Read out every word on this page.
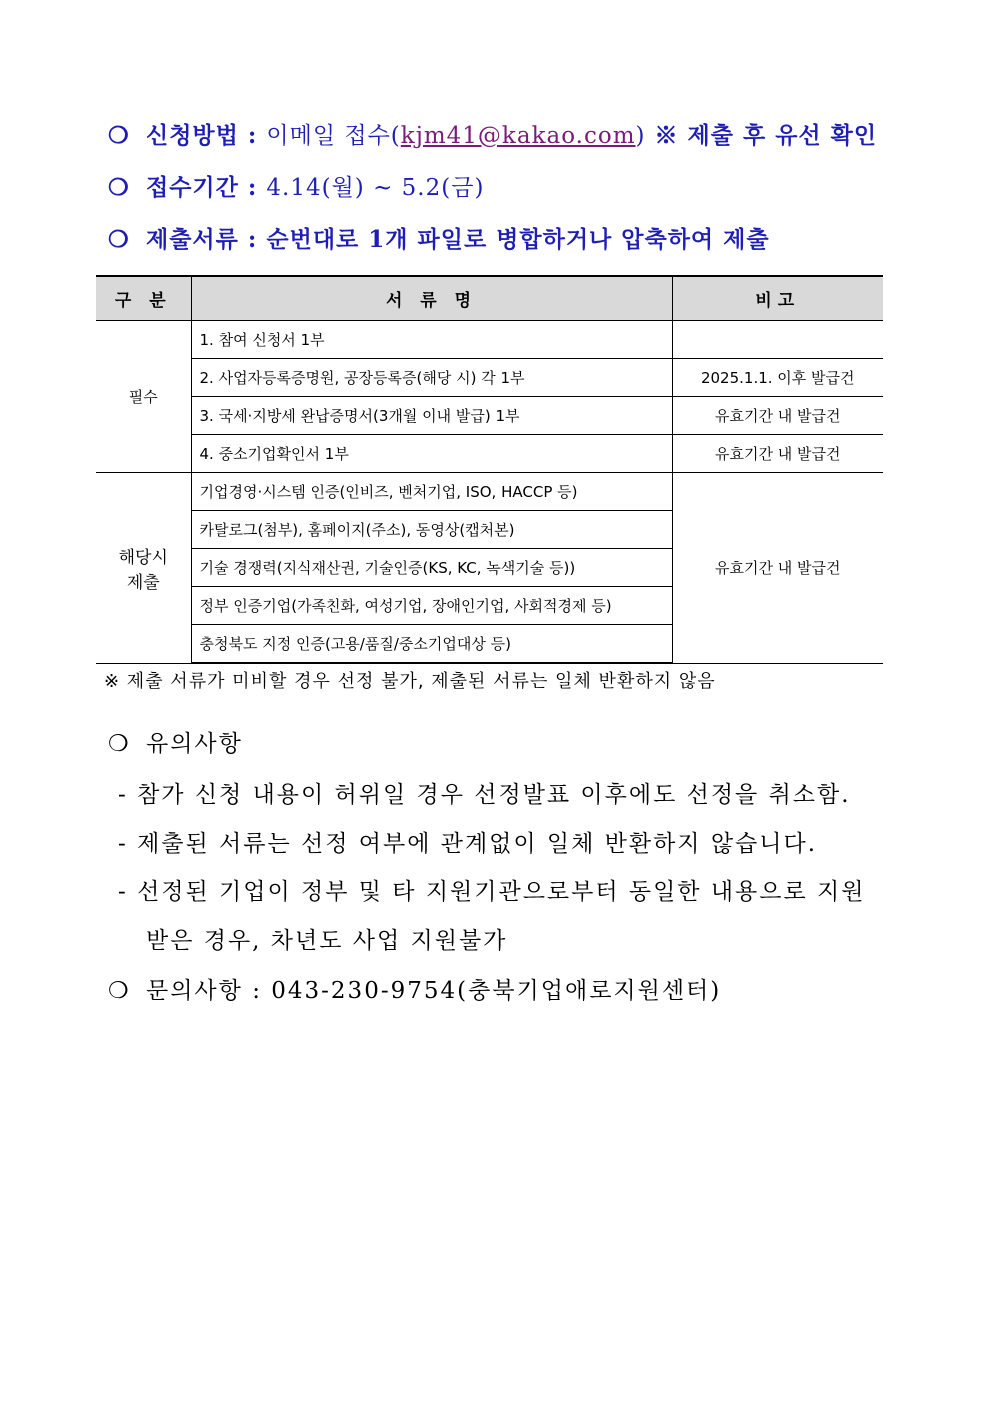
❍ 신청방법 : 이메일 접수(kjm41@kakao.com) ※ 제출 후 유선 확인
❍ 접수기간 : 4.14(월) ~ 5.2(금)
❍ 제출서류 : 순번대로 1개 파일로 병합하거나 압축하여 제출
구 분	서 류 명	비고
필수	1. 참여 신청서 1부	
	2. 사업자등록증명원, 공장등록증(해당 시) 각 1부	2025.1.1. 이후 발급건
	3. 국세·지방세 완납증명서(3개월 이내 발급) 1부	유효기간 내 발급건
	4. 중소기업확인서 1부	유효기간 내 발급건
해당시
제출	기업경영·시스템 인증(인비즈, 벤처기업, ISO, HACCP 등)	유효기간 내 발급건
	카탈로그(첨부), 홈페이지(주소), 동영상(캡처본)	
	기술 경쟁력(지식재산권, 기술인증(KS, KC, 녹색기술 등))	
	정부 인증기업(가족친화, 여성기업, 장애인기업, 사회적경제 등)	
	충청북도 지정 인증(고용/품질/중소기업대상 등)	
※ 제출 서류가 미비할 경우 선정 불가, 제출된 서류는 일체 반환하지 않음
❍ 유의사항
- 참가 신청 내용이 허위일 경우 선정발표 이후에도 선정을 취소함.
- 제출된 서류는 선정 여부에 관계없이 일체 반환하지 않습니다.
- 선정된 기업이 정부 및 타 지원기관으로부터 동일한 내용으로 지원
받은 경우, 차년도 사업 지원불가
❍ 문의사항 : 043-230-9754(충북기업애로지원센터)
